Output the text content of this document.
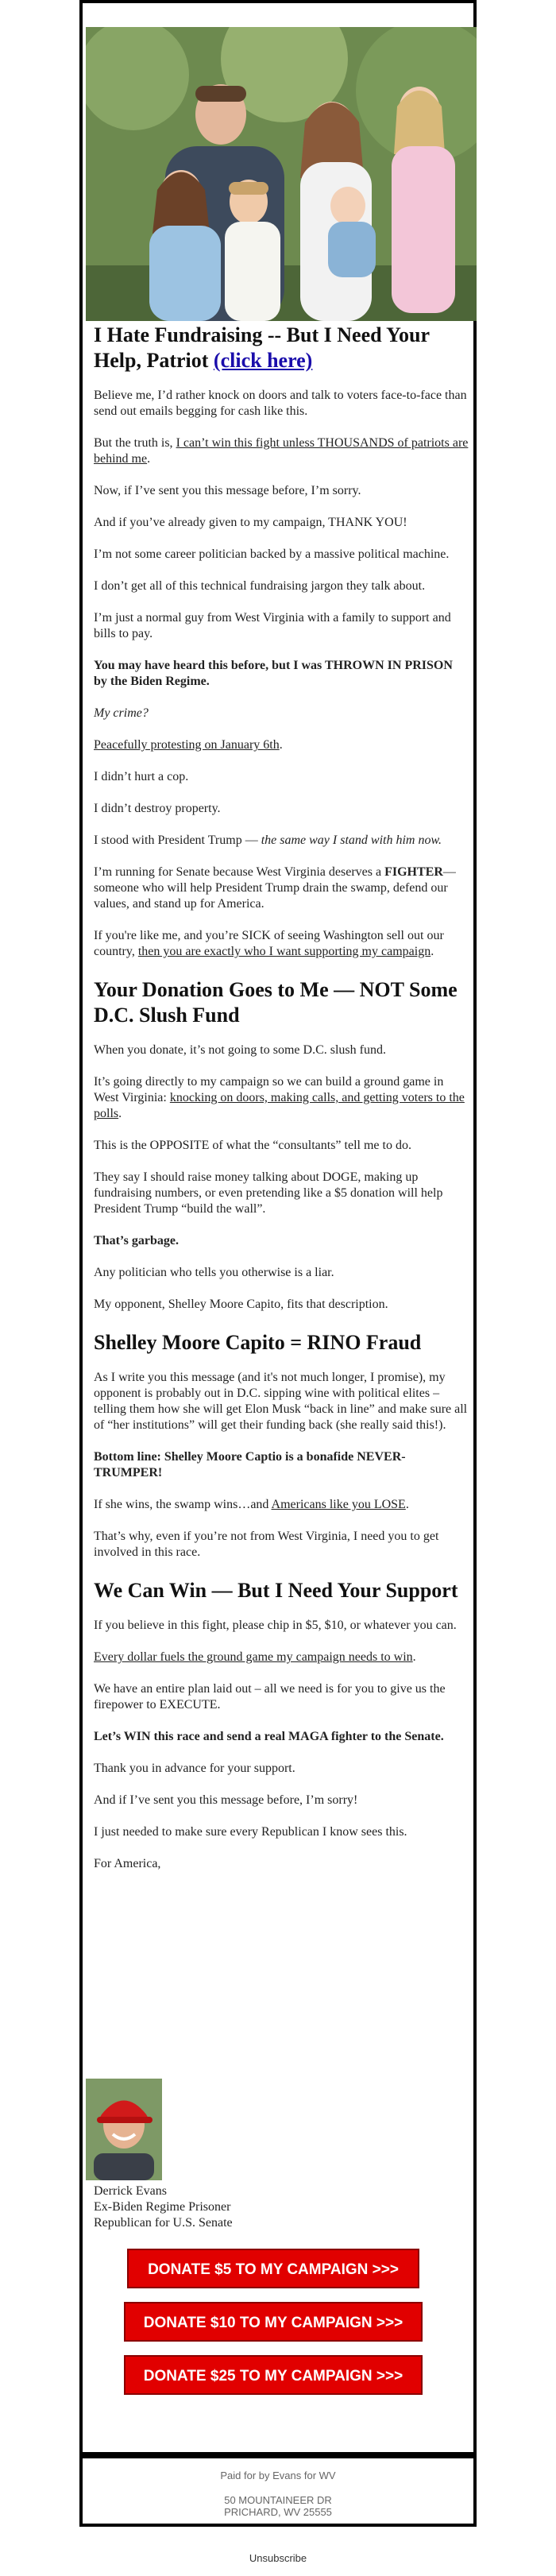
I Hate Fundraising -- But I Need Your Help, Patriot (click here)

Believe me, I’d rather knock on doors and talk to voters face-to-face than send out emails begging for cash like this.

But the truth is, I can’t win this fight unless THOUSANDS of patriots are behind me.

Now, if I’ve sent you this message before, I’m sorry.

And if you’ve already given to my campaign, THANK YOU!

I’m not some career politician backed by a massive political machine.

I don’t get all of this technical fundraising jargon they talk about.

I’m just a normal guy from West Virginia with a family to support and bills to pay.

You may have heard this before, but I was THROWN IN PRISON by the Biden Regime.

My crime?

Peacefully protesting on January 6th.

I didn’t hurt a cop.

I didn’t destroy property.

I stood with President Trump — the same way I stand with him now.

I’m running for Senate because West Virginia deserves a FIGHTER— someone who will help President Trump drain the swamp, defend our values, and stand up for America.

If you're like me, and you’re SICK of seeing Washington sell out our country, then you are exactly who I want supporting my campaign.

Your Donation Goes to Me — NOT Some D.C. Slush Fund

When you donate, it’s not going to some D.C. slush fund.

It’s going directly to my campaign so we can build a ground game in West Virginia: knocking on doors, making calls, and getting voters to the polls.

This is the OPPOSITE of what the “consultants” tell me to do.

They say I should raise money talking about DOGE, making up fundraising numbers, or even pretending like a $5 donation will help President Trump “build the wall”.

That’s garbage.

Any politician who tells you otherwise is a liar.

My opponent, Shelley Moore Capito, fits that description.

Shelley Moore Capito = RINO Fraud

As I write you this message (and it's not much longer, I promise), my opponent is probably out in D.C. sipping wine with political elites – telling them how she will get Elon Musk “back in line” and make sure all of “her institutions” will get their funding back (she really said this!).

Bottom line: Shelley Moore Captio is a bonafide NEVER-TRUMPER!

If she wins, the swamp wins…and Americans like you LOSE.

That’s why, even if you’re not from West Virginia, I need you to get involved in this race.

We Can Win — But I Need Your Support

If you believe in this fight, please chip in $5, $10, or whatever you can.

Every dollar fuels the ground game my campaign needs to win.

We have an entire plan laid out – all we need is for you to give us the firepower to EXECUTE.

Let’s WIN this race and send a real MAGA fighter to the Senate.

Thank you in advance for your support.

And if I’ve sent you this message before, I’m sorry!

I just needed to make sure every Republican I know sees this.

For America,

Derrick Evans

Ex-Biden Regime Prisoner

Republican for U.S. Senate

DONATE $5 TO MY CAMPAIGN >>>
DONATE $10 TO MY CAMPAIGN >>>
DONATE $25 TO MY CAMPAIGN >>>
Paid for by Evans for WV
50 MOUNTAINEER DR
PRICHARD, WV 25555
Unsubscribe
